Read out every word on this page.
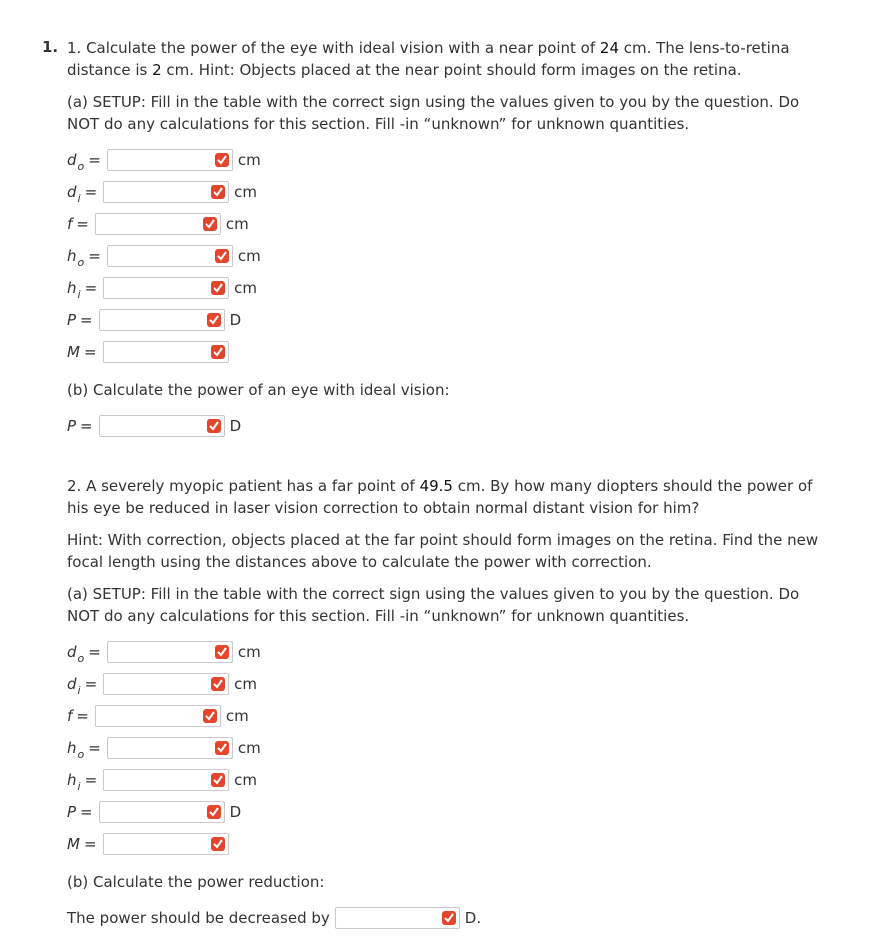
1. 1. Calculate the power of the eye with ideal vision with a near point of 24 cm. The lens-to-retina distance is 2 cm. Hint: Objects placed at the near point should form images on the retina.
(a) SETUP: Fill in the table with the correct sign using the values given to you by the question. Do NOT do any calculations for this section. Fill -in “unknown” for unknown quantities.
d o =	cm
d i =	cm
f =	cm
h o =	cm
h i =	cm
P =	D
M =
(b) Calculate the power of an eye with ideal vision:
P =	D
2. A severely myopic patient has a far point of 49.5 cm. By how many diopters should the power of his eye be reduced in laser vision correction to obtain normal distant vision for him?
Hint: With correction, objects placed at the far point should form images on the retina. Find the new focal length using the distances above to calculate the power with correction.
(a) SETUP: Fill in the table with the correct sign using the values given to you by the question. Do NOT do any calculations for this section. Fill -in “unknown” for unknown quantities.
d o =	cm
d i =	cm
f =	cm
h o =	cm
h i =	cm
P =	D
M =
(b) Calculate the power reduction:
The power should be decreased by	D.
